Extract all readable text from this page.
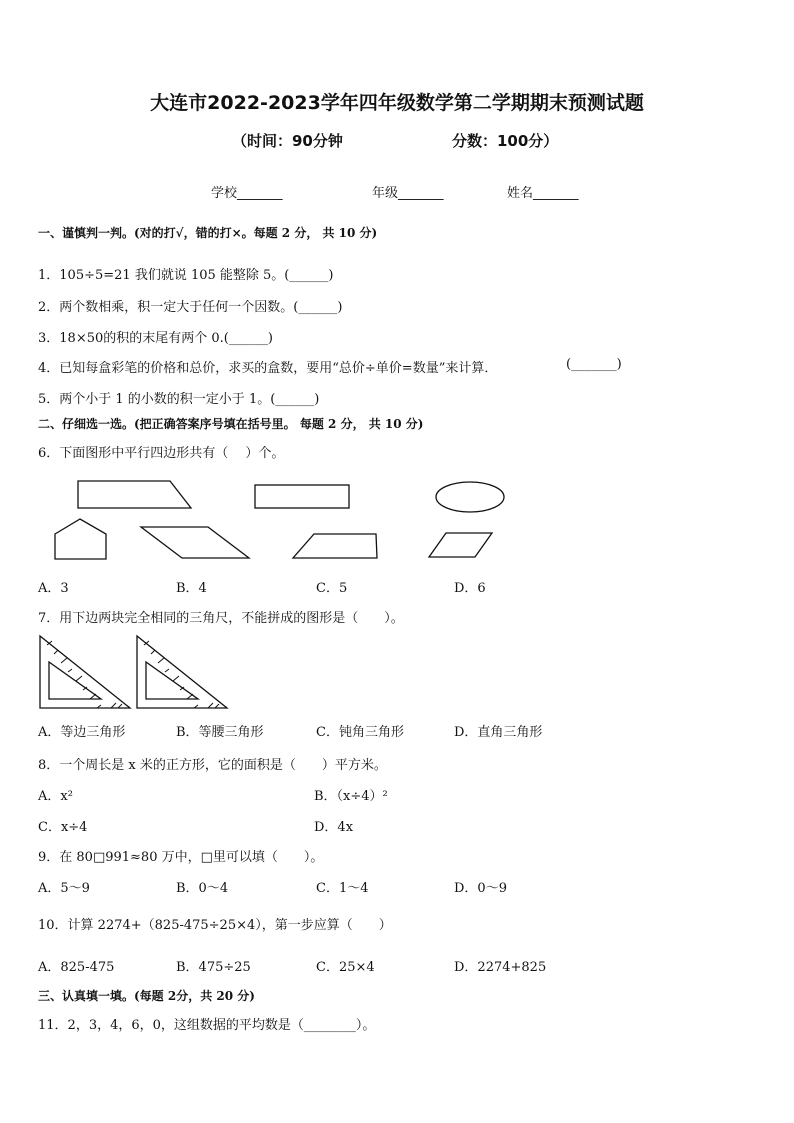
大连市2022-2023学年四年级数学第二学期期末预测试题
（时间：90分钟	分数：100分）
学校_______	年级_______	姓名_______
一、谨慎判一判。(对的打√，错的打×。每题 2 分， 共 10 分)
1．105÷5=21 我们就说 105 能整除 5。(______)
2．两个数相乘，积一定大于任何一个因数。(______)
3．18×50的积的末尾有两个 0.(______)
4．已知每盒彩笔的价格和总价，求买的盒数，要用“总价÷单价=数量”来计算．	(_______)
5．两个小于 1 的小数的积一定小于 1。(______)
二、仔细选一选。(把正确答案序号填在括号里。 每题 2 分， 共 10 分)
6．下面图形中平行四边形共有（　 ）个。
A．3	B．4	C．5	D．6
7．用下边两块完全相同的三角尺，不能拼成的图形是（　　）。
A．等边三角形	B．等腰三角形	C．钝角三角形	D．直角三角形
8．一个周长是 x 米的正方形，它的面积是（　　）平方米。
A．x²	B．（x÷4）²
C．x÷4	D．4x
9．在 80□991≈80 万中，□里可以填（　　）。
A．5～9	B．0～4	C．1～4	D．0～9
10．计算 2274+（825-475÷25×4），第一步应算（　　）
A．825-475	B．475÷25	C．25×4	D．2274+825
三、认真填一填。(每题 2分，共 20 分)
11．2，3，4，6，0，这组数据的平均数是（________）。
